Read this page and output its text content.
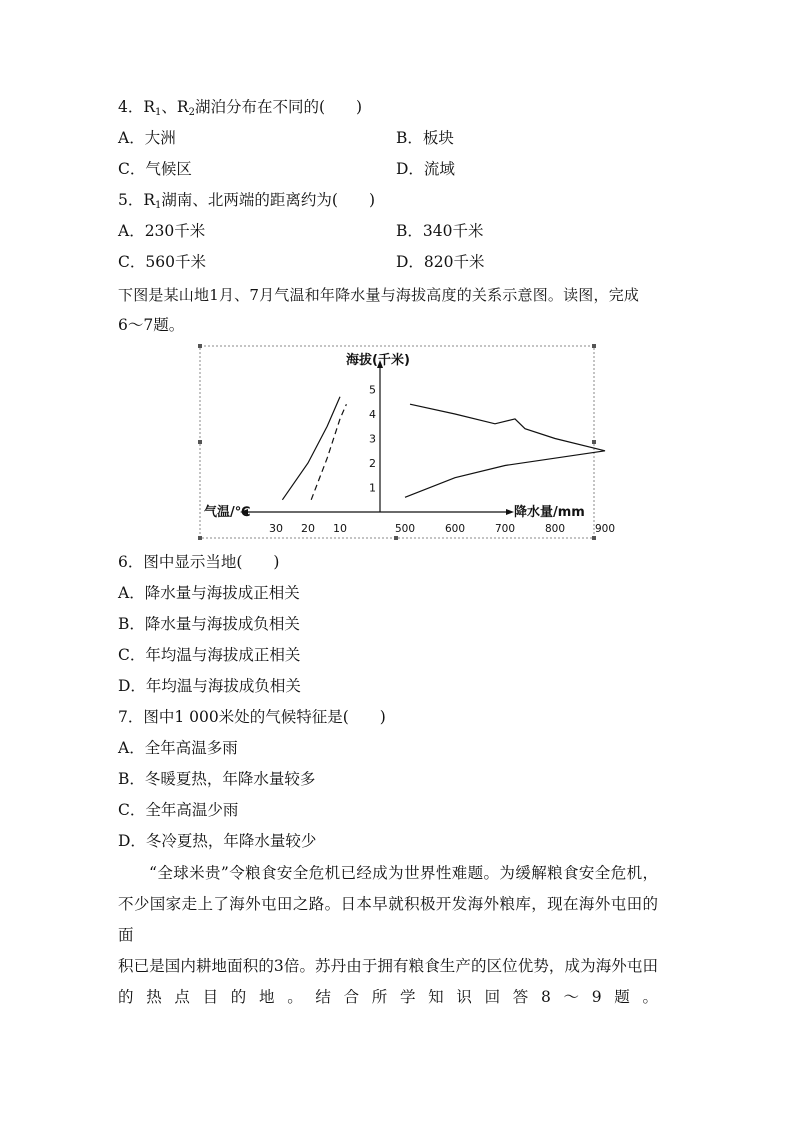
4．$R_1$、$R_2$湖泊分布在不同的(　　)
A．大洲	B．板块
C．气候区	D．流域
5．$R_1$湖南、北两端的距离约为(　　)
A．230千米	B．340千米
C．560千米	D．820千米
下图是某山地1月、7月气温和年降水量与海拔高度的关系示意图。读图，完成
6～7题。
海拔(千米)
气温/℃	降水量/mm
1
2
3
4
5
30 20 10	500	600	700	800	900
6．图中显示当地(　　)
A．降水量与海拔成正相关
B．降水量与海拔成负相关
C．年均温与海拔成正相关
D．年均温与海拔成负相关
7．图中1 000米处的气候特征是(　　)
A．全年高温多雨
B．冬暖夏热，年降水量较多
C．全年高温少雨
D．冬冷夏热，年降水量较少
“全球米贵”令粮食安全危机已经成为世界性难题。为缓解粮食安全危机，
不少国家走上了海外屯田之路。日本早就积极开发海外粮库，现在海外屯田的面
积已是国内耕地面积的3倍。苏丹由于拥有粮食生产的区位优势，成为海外屯田
的热点目的地。结合所学知识回答8～9题。
